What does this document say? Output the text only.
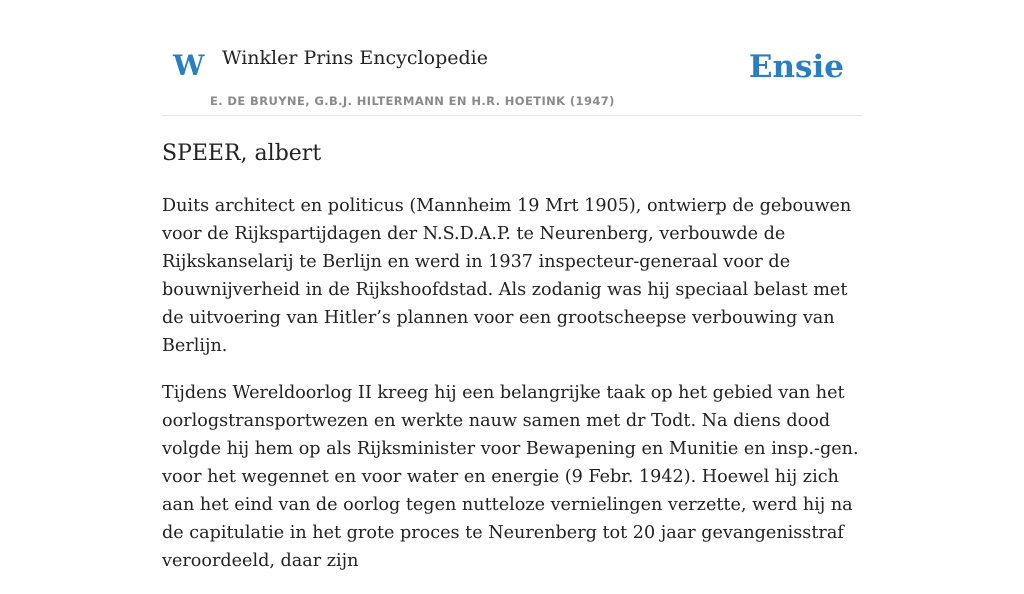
W Winkler Prins Encyclopedie
E. DE BRUYNE, G.B.J. HILTERMANN EN H.R. HOETINK (1947)
Ensie
SPEER, albert

Duits architect en politicus (Mannheim 19 Mrt 1905), ontwierp de gebouwen voor de Rijkspartijdagen der N.S.D.A.P. te Neurenberg, verbouwde de Rijkskanselarij te Berlijn en werd in 1937 inspecteur-generaal voor de bouwnijverheid in de Rijkshoofdstad. Als zodanig was hij speciaal belast met de uitvoering van Hitler’s plannen voor een grootscheepse verbouwing van Berlijn.

Tijdens Wereldoorlog II kreeg hij een belangrijke taak op het gebied van het oorlogstransportwezen en werkte nauw samen met dr Todt. Na diens dood volgde hij hem op als Rijksminister voor Bewapening en Munitie en insp.-gen. voor het wegennet en voor water en energie (9 Febr. 1942). Hoewel hij zich aan het eind van de oorlog tegen nutteloze vernielingen verzette, werd hij na de capitulatie in het grote proces te Neurenberg tot 20 jaar gevangenisstraf veroordeeld, daar zijn
